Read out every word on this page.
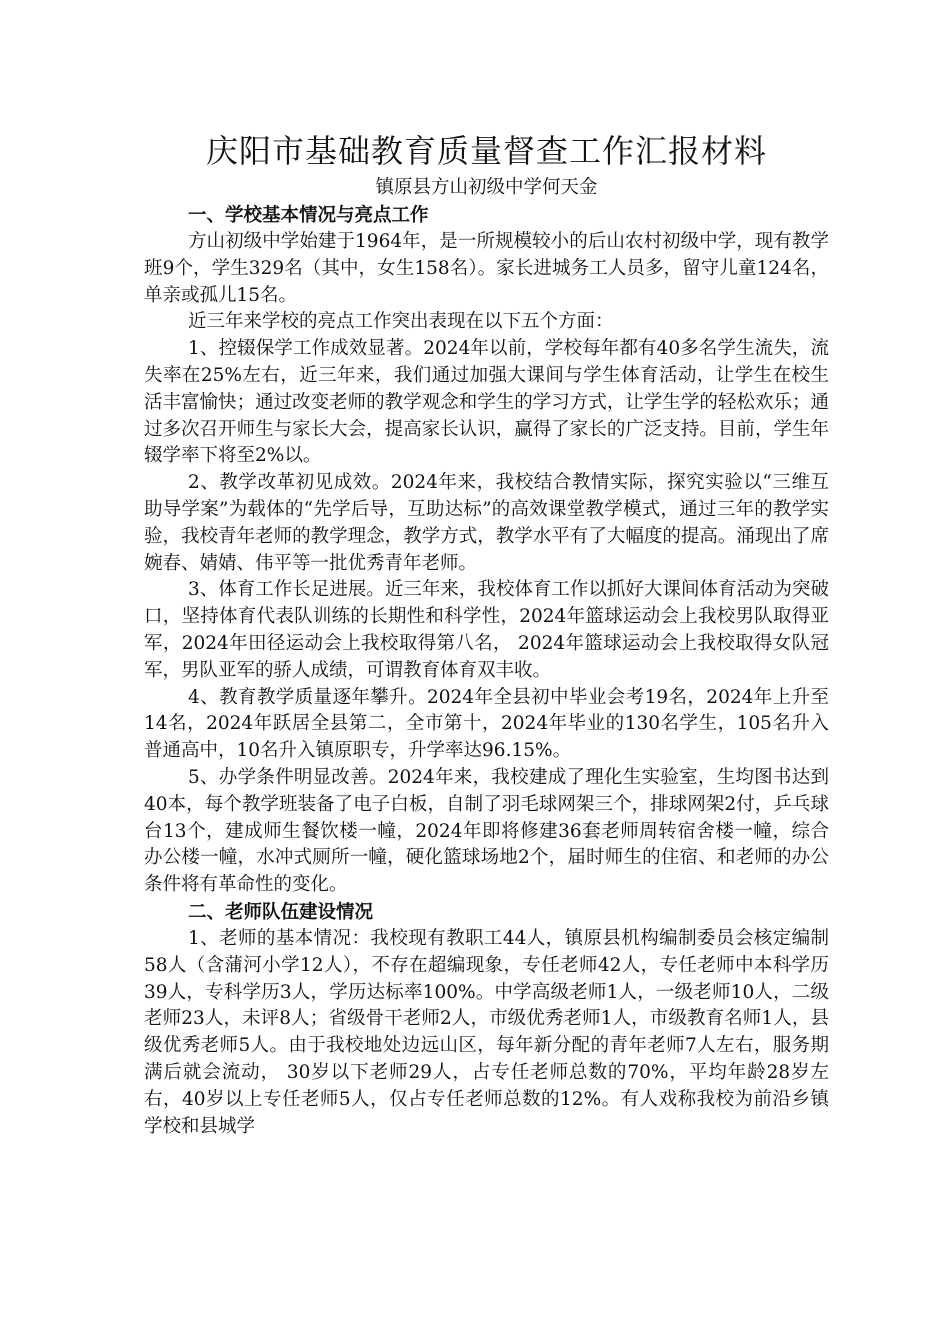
庆阳市基础教育质量督查工作汇报材料
镇原县方山初级中学何天金
一、学校基本情况与亮点工作

方山初级中学始建于1964年，是一所规模较小的后山农村初级中学，现有教学班9个，学生329名（其中，女生158名）。家长进城务工人员多，留守儿童124名，单亲或孤儿15名。

近三年来学校的亮点工作突出表现在以下五个方面：

1、控辍保学工作成效显著。2024年以前，学校每年都有40多名学生流失，流失率在25%左右，近三年来，我们通过加强大课间与学生体育活动，让学生在校生活丰富愉快；通过改变老师的教学观念和学生的学习方式，让学生学的轻松欢乐；通过多次召开师生与家长大会，提高家长认识，赢得了家长的广泛支持。目前，学生年辍学率下将至2%以。

2、教学改革初见成效。2024年来，我校结合教情实际，探究实验以“三维互助导学案”为载体的“先学后导，互助达标”的高效课堂教学模式，通过三年的教学实验，我校青年老师的教学理念，教学方式，教学水平有了大幅度的提高。涌现出了席婉春、婧婧、伟平等一批优秀青年老师。

3、体育工作长足进展。近三年来，我校体育工作以抓好大课间体育活动为突破口，坚持体育代表队训练的长期性和科学性，2024年篮球运动会上我校男队取得亚军，2024年田径运动会上我校取得第八名， 2024年篮球运动会上我校取得女队冠军，男队亚军的骄人成绩，可谓教育体育双丰收。

4、教育教学质量逐年攀升。2024年全县初中毕业会考19名，2024年上升至14名，2024年跃居全县第二，全市第十，2024年毕业的130名学生，105名升入普通高中，10名升入镇原职专，升学率达96.15%。

5、办学条件明显改善。2024年来，我校建成了理化生实验室，生均图书达到40本，每个教学班装备了电子白板，自制了羽毛球网架三个，排球网架2付，乒乓球台13个，建成师生餐饮楼一幢，2024年即将修建36套老师周转宿舍楼一幢，综合办公楼一幢，水冲式厕所一幢，硬化篮球场地2个，届时师生的住宿、和老师的办公条件将有革命性的变化。

二、老师队伍建设情况

1、老师的基本情况：我校现有教职工44人，镇原县机构编制委员会核定编制58人（含蒲河小学12人），不存在超编现象，专任老师42人，专任老师中本科学历39人，专科学历3人，学历达标率100%。中学高级老师1人，一级老师10人，二级老师23人，未评8人；省级骨干老师2人，市级优秀老师1人，市级教育名师1人，县级优秀老师5人。由于我校地处边远山区，每年新分配的青年老师7人左右，服务期满后就会流动， 30岁以下老师29人，占专任老师总数的70%，平均年龄28岁左右，40岁以上专任老师5人，仅占专任老师总数的12%。有人戏称我校为前沿乡镇学校和县城学
